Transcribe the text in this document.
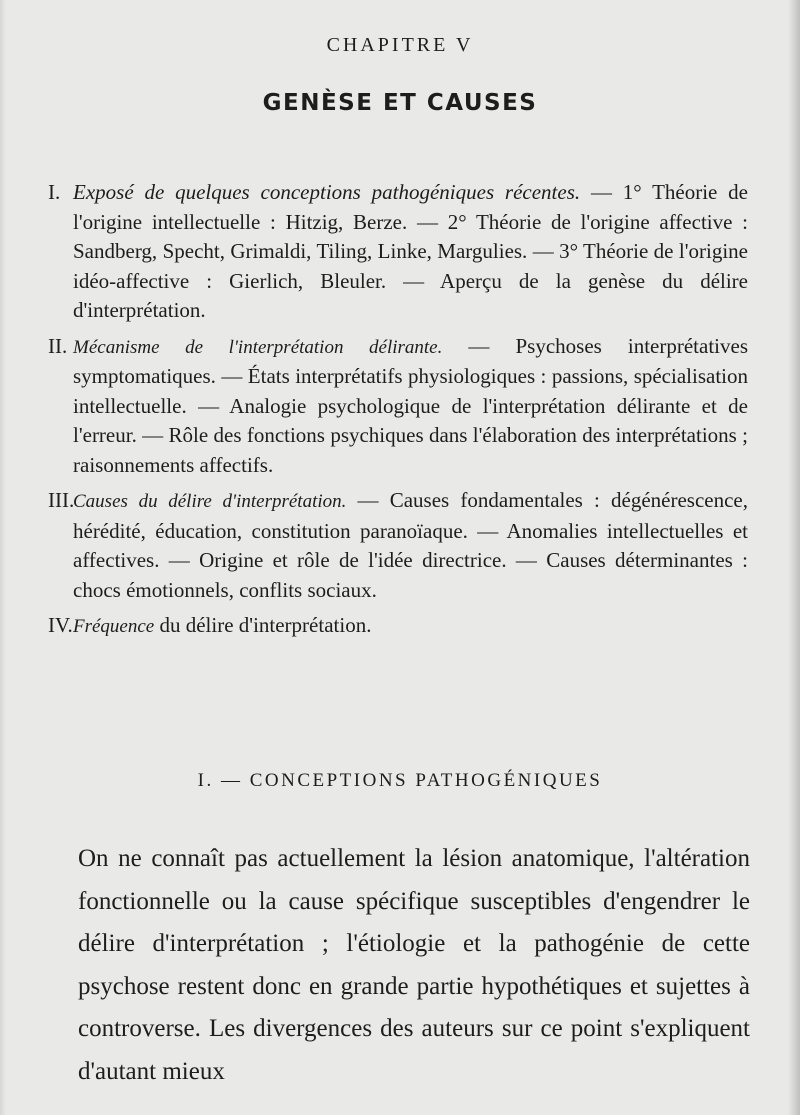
CHAPITRE V
GENÈSE ET CAUSES
I. Exposé de quelques conceptions pathogéniques récentes. — 1° Théorie de l'origine intellectuelle : Hitzig, Berze. — 2° Théorie de l'origine affective : Sandberg, Specht, Grimaldi, Tiling, Linke, Margulies. — 3° Théorie de l'origine idéo-affective : Gierlich, Bleuler. — Aperçu de la genèse du délire d'interprétation.
II. Mécanisme de l'interprétation délirante. — Psychoses interprétatives symptomatiques. — États interprétatifs physiologiques : passions, spécialisation intellectuelle. — Analogie psychologique de l'interprétation délirante et de l'erreur. — Rôle des fonctions psychiques dans l'élaboration des interprétations ; raisonnements affectifs.
III.
Causes du délire d'interprétation. — Causes fondamentales : dégénérescence, hérédité, éducation, constitution paranoïaque. — Anomalies intellectuelles et affectives. — Origine et rôle de l'idée directrice. — Causes déterminantes : chocs émotionnels, conflits sociaux.
IV. Fréquence du délire d'interprétation.
I. — CONCEPTIONS PATHOGÉNIQUES
On ne connaît pas actuellement la lésion anatomique, l'altération fonctionnelle ou la cause spécifique susceptibles d'engendrer le délire d'interprétation ; l'étiologie et la pathogénie de cette psychose restent donc en grande partie hypothétiques et sujettes à controverse. Les divergences des auteurs sur ce point s'expliquent d'autant mieux
